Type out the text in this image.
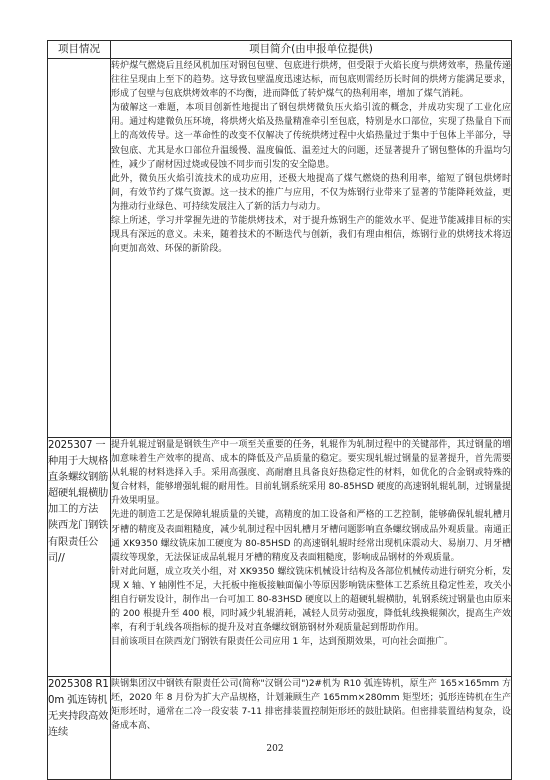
项目情况	项目简介(由申报单位提供)

	转炉煤气燃烧后且经风机加压对钢包包壁、包底进行烘烤，但受限于火焰长度与烘烤效率，热量传递往往呈现由上至下的趋势。这导致包壁温度迅速达标，而包底则需经历长时间的烘烤方能满足要求，形成了包壁与包底烘烤效率的不均衡，进而降低了转炉煤气的热利用率，增加了煤气消耗。

为破解这一难题，本项目创新性地提出了钢包烘烤微负压火焰引流的概念，并成功实现了工业化应用。通过构建微负压环境，将烘烤火焰及热量精准牵引至包底，特别是水口部位，实现了热量自下而上的高效传导。这一革命性的改变不仅解决了传统烘烤过程中火焰热量过于集中于包体上半部分，导致包底、尤其是水口部位升温缓慢、温度偏低、温差过大的问题，还显著提升了钢包整体的升温均匀性，减少了耐材因过烧或侵蚀不同步而引发的安全隐患。

此外，微负压火焰引流技术的成功应用，还极大地提高了煤气燃烧的热利用率，缩短了钢包烘烤时间，有效节约了煤气资源。这一技术的推广与应用，不仅为炼钢行业带来了显著的节能降耗效益，更为推动行业绿色、可持续发展注入了新的活力与动力。

综上所述，学习并掌握先进的节能烘烤技术，对于提升炼钢生产的能效水平、促进节能减排目标的实现具有深远的意义。未来，随着技术的不断迭代与创新，我们有理由相信，炼钢行业的烘烤技术将迈向更加高效、环保的新阶段。

2025307 一种用于大规格直条螺纹钢筋超硬轧辊横肋加工的方法 陕西龙门钢铁有限责任公司//	提升轧辊过钢量是钢铁生产中一项至关重要的任务，轧辊作为轧制过程中的关键部件，其过钢量的增加意味着生产效率的提高、成本的降低及产品质量的稳定。要实现轧辊过钢量的显著提升，首先需要从轧辊的材料选择入手。采用高强度、高耐磨且具备良好热稳定性的材料，如优化的合金钢或特殊的复合材料，能够增强轧辊的耐用性。目前轧钢系统采用 80-85HSD 硬度的高速钢轧辊轧制，过钢量提升效果明显。

先进的制造工艺是保障轧辊质量的关键，高精度的加工设备和严格的工艺控制，能够确保轧辊轧槽月牙槽的精度及表面粗糙度，减少轧制过程中因轧槽月牙槽问题影响直条螺纹钢成品外观质量。南通正通 XK9350 螺纹铣床加工硬度为 80-85HSD 的高速钢轧辊时经常出现机床震动大、易崩刀、月牙槽震纹等现象，无法保证成品轧辊月牙槽的精度及表面粗糙度，影响成品钢材的外观质量。

针对此问题，成立攻关小组，对 XK9350 螺纹铣床机械设计结构及各部位机械传动进行研究分析，发现 X 轴、Y 轴刚性不足，大托板中拖板接触面偏小等原因影响铣床整体工艺系统且稳定性差，攻关小组自行研发设计，制作出一台可加工 80-83HSD 硬度以上的超硬轧辊横肋，轧钢系统过钢量也由原来的 200 根提升至 400 根，同时减少轧辊消耗，减轻人员劳动强度，降低轧线换辊频次，提高生产效率，有利于轧线各项指标的提升及对直条螺纹钢筋钢材外观质量起到帮助作用。

目前该项目在陕西龙门钢铁有限责任公司应用 1 年，达到预期效果，可向社会面推广。

2025308 R10m 弧连铸机无夹持段高效连续	陕钢集团汉中钢铁有限责任公司(简称"汉钢公司")2#机为 R10 弧连铸机，原生产 165×165mm 方坯，2020 年 8 月份为扩大产品规格，计划兼顾生产 165mm×280mm 矩型坯；弧形连铸机在生产矩形坯时，通常在二冷一段安装 7-11 排密排装置控制矩形坯的鼓肚缺陷。但密排装置结构复杂，设备成本高、

202
